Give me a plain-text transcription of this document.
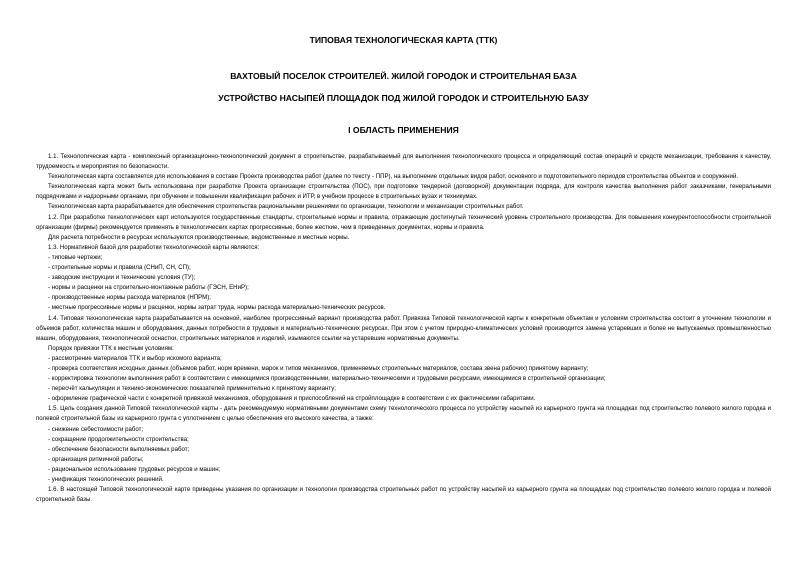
ТИПОВАЯ ТЕХНОЛОГИЧЕСКАЯ КАРТА (ТТК)
ВАХТОВЫЙ ПОСЕЛОК СТРОИТЕЛЕЙ. ЖИЛОЙ ГОРОДОК И СТРОИТЕЛЬНАЯ БАЗА
УСТРОЙСТВО НАСЫПЕЙ ПЛОЩАДОК ПОД ЖИЛОЙ ГОРОДОК И СТРОИТЕЛЬНУЮ БАЗУ
I ОБЛАСТЬ ПРИМЕНЕНИЯ

1.1. Технологическая карта - комплексный организационно-технологический документ в строительстве, разрабатываемый для выполнения технологического процесса и определяющий состав операций и средств механизации, требования к качеству, трудоемкость и мероприятия по безопасности.

Технологическая карта составляется для использования в составе Проекта производства работ (далее по тексту - ППР), на выполнение отдельных видов работ, основного и подготовительного периодов строительства объектов и сооружений.

Технологическая карта может быть использована при разработке Проекта организации строительства (ПОС), при подготовке тендерной (договорной) документации подряда, для контроля качества выполнения работ заказчиками, генеральными подрядчиками и надзорными органами, при обучении и повышении квалификации рабочих и ИТР, в учебном процессе в строительных вузах и техникумах.

Технологическая карта разрабатывается для обеспечения строительства рациональными решениями по организации, технологии и механизации строительных работ.

1.2. При разработке технологических карт используются государственные стандарты, строительные нормы и правила, отражающие достигнутый технический уровень строительного производства. Для повышения конкурентоспособности строительной организации (фирмы) рекомендуется применять в технологических картах прогрессивные, более жесткие, чем в приведенных документах, нормы и правила.

Для расчета потребности в ресурсах используются производственные, ведомственные и местные нормы.

1.3. Нормативной базой для разработки технологической карты являются:

- типовые чертежи;

- строительные нормы и правила (СНиП, СН, СП);

- заводские инструкции и технические условия (ТУ);

- нормы и расценки на строительно-монтажные работы (ГЭСН, ЕНиР);

- производственные нормы расхода материалов (НПРМ);

- местные прогрессивные нормы и расценки, нормы затрат труда, нормы расхода материально-технических ресурсов.

1.4. Типовая технологическая карта разрабатывается на основной, наиболее прогрессивный вариант производства работ. Привязка Типовой технологической карты к конкретным объектам и условиям строительства состоит в уточнении технологии и объемов работ, количества машин и оборудования, данных потребности в трудовых и материально-технических ресурсах. При этом с учетом природно-климатических условий производится замена устаревших и более не выпускаемых промышленностью машин, оборудования, технологической оснастки, строительных материалов и изделий, изымаются ссылки на устаревшие нормативные документы.

Порядок привязки ТТК к местным условиям:

- рассмотрение материалов ТТК и выбор искомого варианта;

- проверка соответствия исходных данных (объемов работ, норм времени, марок и типов механизмов, применяемых строительных материалов, состава звена рабочих) принятому варианту;

- корректировка технологии выполнения работ в соответствии с имеющимися производственными, материально-техническими и трудовыми ресурсами, имеющимися в строительной организации;

- пересчёт калькуляции и технико-экономических показателей применительно к принятому варианту;

- оформление графической части с конкретной привязкой механизмов, оборудования и приспособлений на стройплощадке в соответствии с их фактическими габаритами.

1.5. Цель создания данной Типовой технологической карты - дать рекомендуемую нормативными документами схему технологического процесса по устройству насыпей из карьерного грунта на площадках под строительство полевого жилого городка и полевой строительной базы из карьерного грунта с уплотнением с целью обеспечения его высокого качества, а также:

- снижение себестоимости работ;

- сокращение продолжительности строительства;

- обеспечение безопасности выполняемых работ;

- организация ритмичной работы;

- рациональное использование трудовых ресурсов и машин;

- унификация технологических решений.

1.6. В настоящей Типовой технологической карте приведены указания по организации и технологии производства строительных работ по устройству насыпей из карьерного грунта на площадках под строительство полевого жилого городка и полевой строительной базы.
